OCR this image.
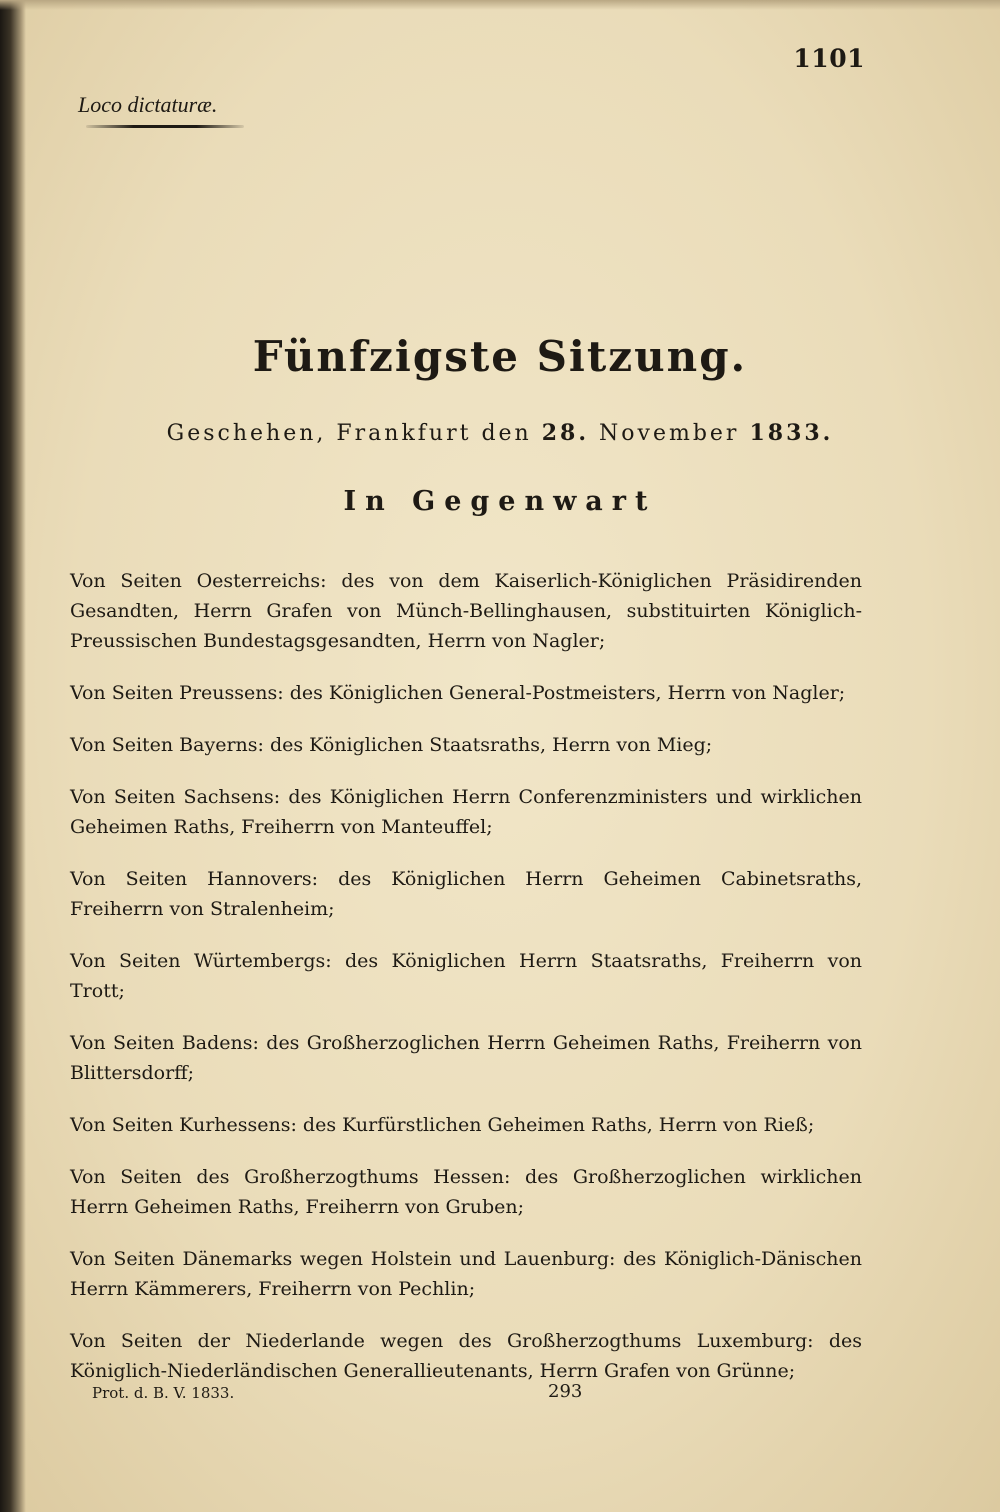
1101
Loco dictaturæ.
Fünfzigste Sitzung.
Geschehen, Frankfurt den 28. November 1833.
In Gegenwart

Von Seiten Oesterreichs: des von dem Kaiserlich-Königlichen Präsidirenden Gesandten, Herrn Grafen von Münch-Bellinghausen, substituirten Königlich-Preussischen Bundestagsgesandten, Herrn von Nagler;

Von Seiten Preussens: des Königlichen General-Postmeisters, Herrn von Nagler;

Von Seiten Bayerns: des Königlichen Staatsraths, Herrn von Mieg;

Von Seiten Sachsens: des Königlichen Herrn Conferenzministers und wirklichen Geheimen Raths, Freiherrn von Manteuffel;

Von Seiten Hannovers: des Königlichen Herrn Geheimen Cabinetsraths, Freiherrn von Stralenheim;

Von Seiten Würtembergs: des Königlichen Herrn Staatsraths, Freiherrn von Trott;

Von Seiten Badens: des Großherzoglichen Herrn Geheimen Raths, Freiherrn von Blittersdorff;

Von Seiten Kurhessens: des Kurfürstlichen Geheimen Raths, Herrn von Rieß;

Von Seiten des Großherzogthums Hessen: des Großherzoglichen wirklichen Herrn Geheimen Raths, Freiherrn von Gruben;

Von Seiten Dänemarks wegen Holstein und Lauenburg: des Königlich-Dänischen Herrn Kämmerers, Freiherrn von Pechlin;

Von Seiten der Niederlande wegen des Großherzogthums Luxemburg: des Königlich-Niederländischen Generallieutenants, Herrn Grafen von Grünne;

Prot. d. B. V. 1833.	293
